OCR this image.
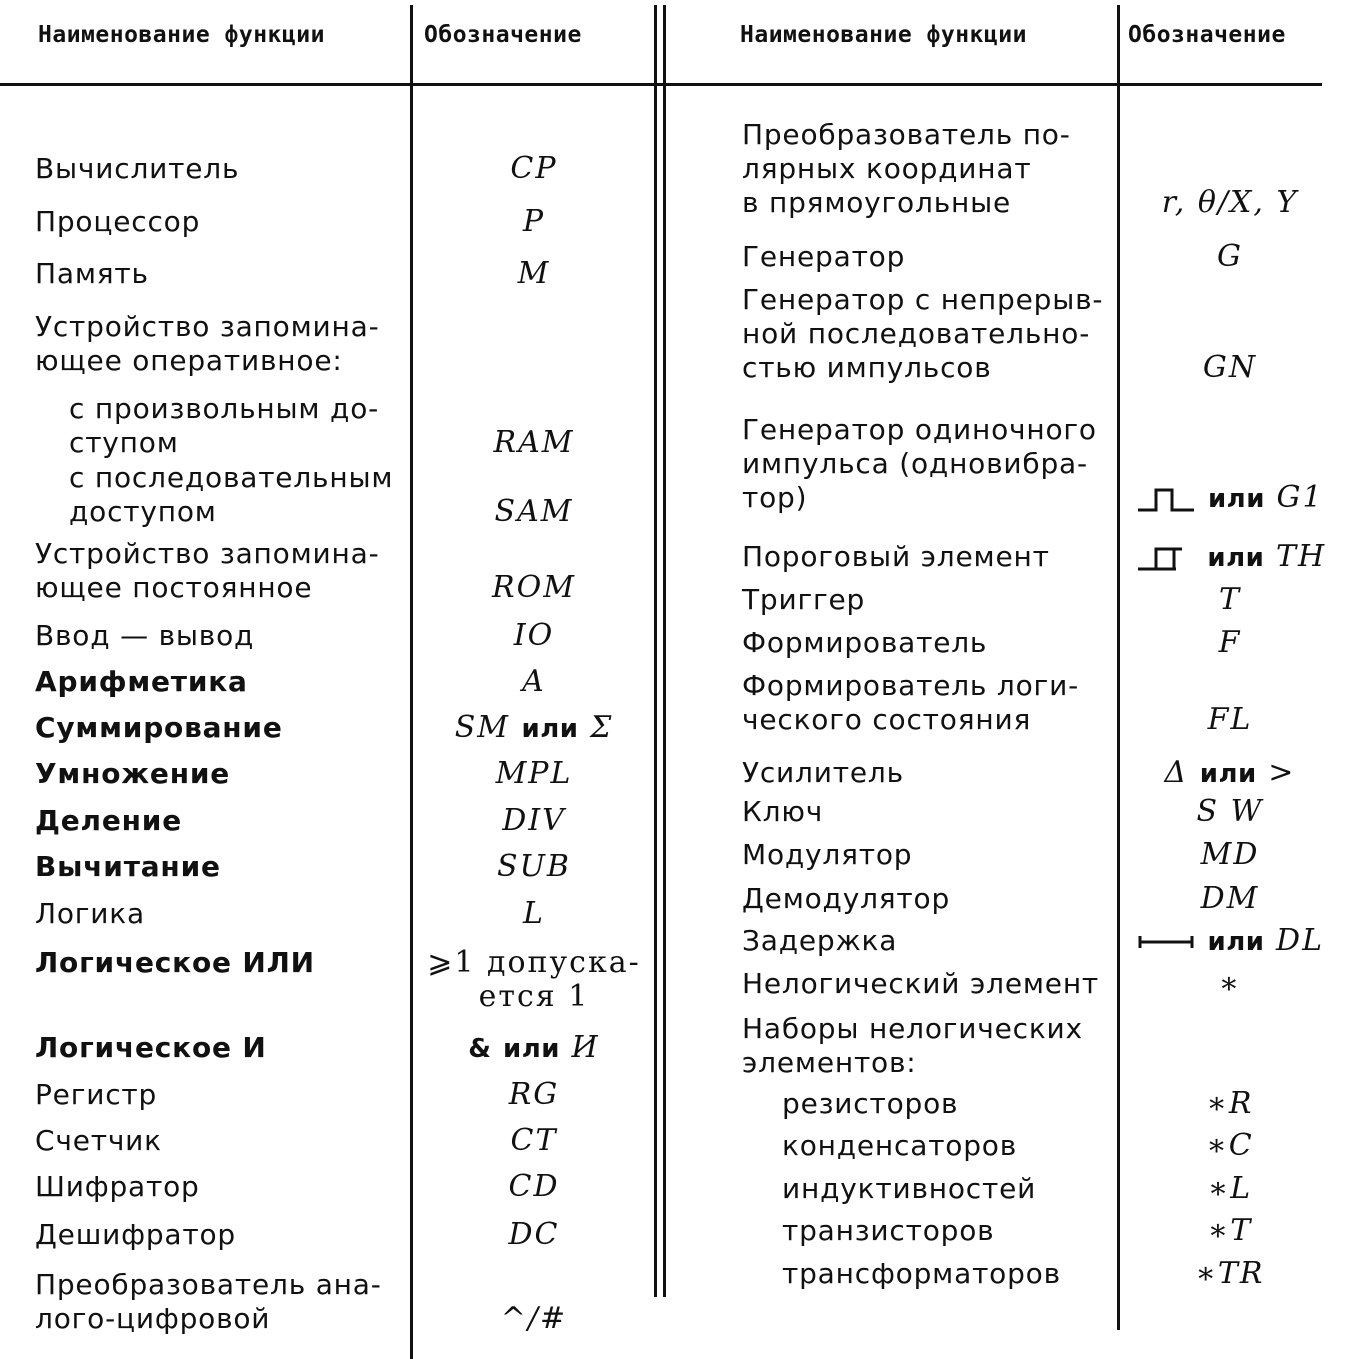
Наименование функции	Обозначение	Наименование функции	Обозначение
Вычислитель	CP
Процессор	P
Память	M
Устройство запомина-
ющее оперативное:
с произвольным до-
ступом	RAM
с последовательным
доступом	SAM
Устройство запомина-
ющее постоянное	ROM
Ввод — вывод	IO
Арифметика	A
Суммирование	SM или Σ
Умножение	MPL
Деление	DIV
Вычитание	SUB
Логика	L
Логическое ИЛИ	⩾1 допуска-
ется 1
Логическое И	& или И
Регистр	RG
Счетчик	CT
Шифратор	CD
Дешифратор	DC
Преобразователь ана-
лого-цифровой	^/#
Преобразователь по-
лярных координат
в прямоугольные	r, θ/X, Y
Генератор	G
Генератор с непрерыв-
ной последовательно-
стью импульсов	GN
Генератор одиночного
импульса (одновибра-
тор)	или G1
Пороговый элемент	или TH
Триггер	T
Формирователь	F
Формирователь логи-
ческого состояния	FL
Усилитель	Δ или >
Ключ	S W
Модулятор	MD
Демодулятор	DM
Задержка	или DL
Нелогический элемент	∗
Наборы нелогических
элементов:
резисторов	∗R
конденсаторов	∗C
индуктивностей	∗L
транзисторов	∗T
трансформаторов	∗TR
